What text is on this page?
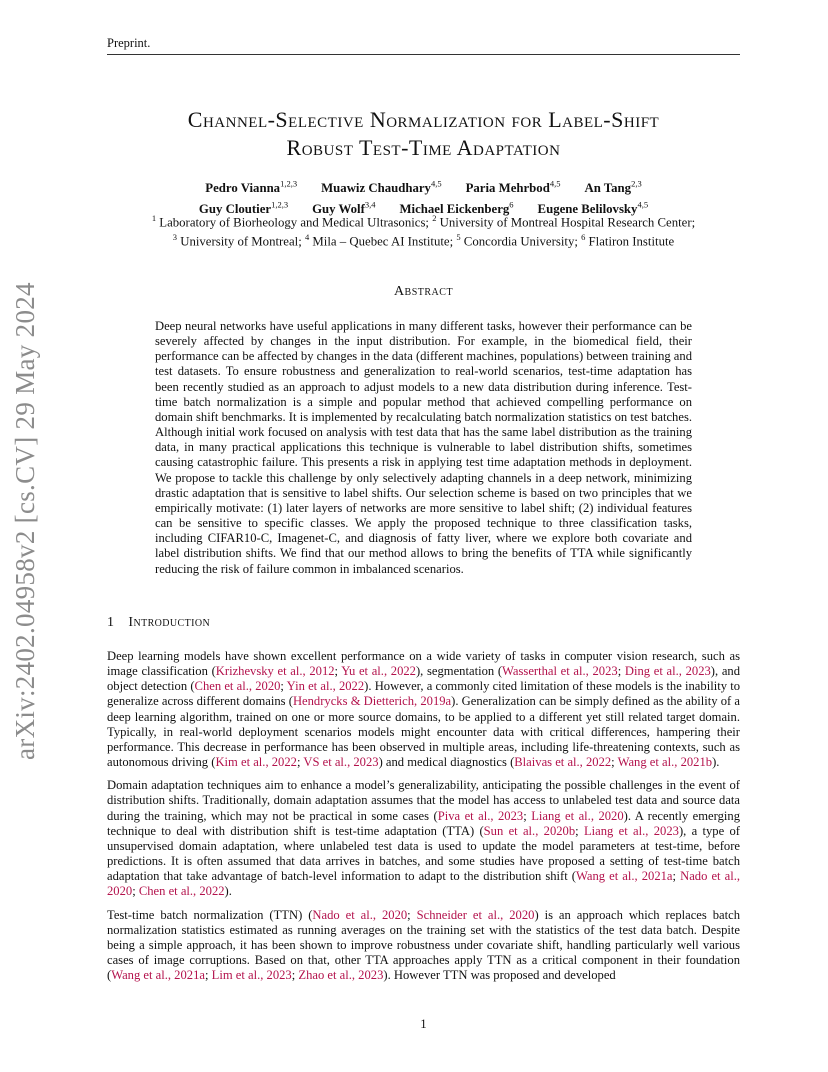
Preprint.
arXiv:2402.04958v2 [cs.CV] 29 May 2024
Channel-Selective Normalization for Label-Shift
Robust Test-Time Adaptation
Pedro Vianna$^{1,2,3}$ Muawiz Chaudhary$^{4,5}$ Paria Mehrbod$^{4,5}$ An Tang$^{2,3}$
Guy Cloutier$^{1,2,3}$ Guy Wolf$^{3,4}$ Michael Eickenberg$^6$ Eugene Belilovsky$^{4,5}$
$^1$ Laboratory of Biorheology and Medical Ultrasonics; $^2$ University of Montreal Hospital Research Center;
$^3$ University of Montreal; $^4$ Mila – Quebec AI Institute; $^5$ Concordia University; $^6$ Flatiron Institute
Abstract

Deep neural networks have useful applications in many different tasks, however their performance can be severely affected by changes in the input distribution. For example, in the biomedical field, their performance can be affected by changes in the data (different machines, populations) between training and test datasets. To ensure robustness and generalization to real-world scenarios, test-time adaptation has been recently studied as an approach to adjust models to a new data distribution during inference. Test-time batch normalization is a simple and popular method that achieved compelling performance on domain shift benchmarks. It is implemented by recalculating batch normalization statistics on test batches. Although initial work focused on analysis with test data that has the same label distribution as the training data, in many practical applications this technique is vulnerable to label distribution shifts, sometimes causing catastrophic failure. This presents a risk in applying test time adaptation methods in deployment. We propose to tackle this challenge by only selectively adapting channels in a deep network, minimizing drastic adaptation that is sensitive to label shifts. Our selection scheme is based on two principles that we empirically motivate: (1) later layers of networks are more sensitive to label shift; (2) individual features can be sensitive to specific classes. We apply the proposed technique to three classification tasks, including CIFAR10-C, Imagenet-C, and diagnosis of fatty liver, where we explore both covariate and label distribution shifts. We find that our method allows to bring the benefits of TTA while significantly reducing the risk of failure common in imbalanced scenarios.

1 Introduction

Deep learning models have shown excellent performance on a wide variety of tasks in computer vision research, such as image classification (Krizhevsky et al., 2012; Yu et al., 2022), segmentation (Wasserthal et al., 2023; Ding et al., 2023), and object detection (Chen et al., 2020; Yin et al., 2022). However, a commonly cited limitation of these models is the inability to generalize across different domains (Hendrycks & Dietterich, 2019a). Generalization can be simply defined as the ability of a deep learning algorithm, trained on one or more source domains, to be applied to a different yet still related target domain. Typically, in real-world deployment scenarios models might encounter data with critical differences, hampering their performance. This decrease in performance has been observed in multiple areas, including life-threatening contexts, such as autonomous driving (Kim et al., 2022; VS et al., 2023) and medical diagnostics (Blaivas et al., 2022; Wang et al., 2021b).

Domain adaptation techniques aim to enhance a model’s generalizability, anticipating the possible challenges in the event of distribution shifts. Traditionally, domain adaptation assumes that the model has access to unlabeled test data and source data during the training, which may not be practical in some cases (Piva et al., 2023; Liang et al., 2020). A recently emerging technique to deal with distribution shift is test-time adaptation (TTA) (Sun et al., 2020b; Liang et al., 2023), a type of unsupervised domain adaptation, where unlabeled test data is used to update the model parameters at test-time, before predictions. It is often assumed that data arrives in batches, and some studies have proposed a setting of test-time batch adaptation that take advantage of batch-level information to adapt to the distribution shift (Wang et al., 2021a; Nado et al., 2020; Chen et al., 2022).

Test-time batch normalization (TTN) (Nado et al., 2020; Schneider et al., 2020) is an approach which replaces batch normalization statistics estimated as running averages on the training set with the statistics of the test data batch. Despite being a simple approach, it has been shown to improve robustness under covariate shift, handling particularly well various cases of image corruptions. Based on that, other TTA approaches apply TTN as a critical component in their foundation (Wang et al., 2021a; Lim et al., 2023; Zhao et al., 2023). However TTN was proposed and developed

1
